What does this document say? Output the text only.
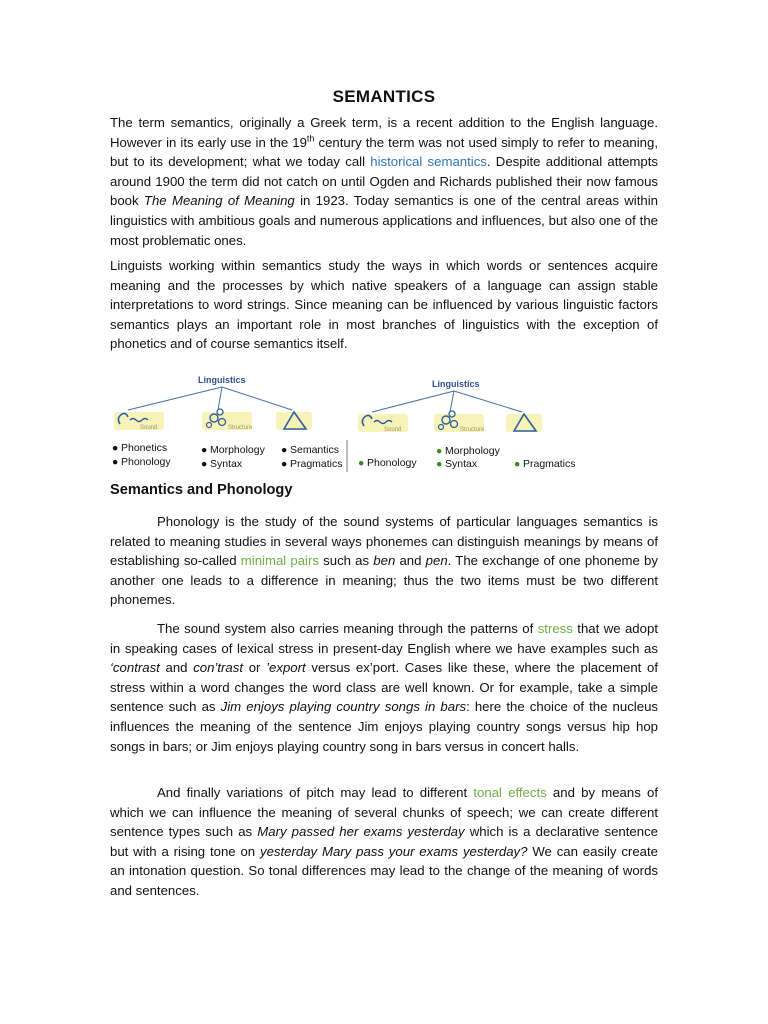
SEMANTICS

The term semantics, originally a Greek term, is a recent addition to the English language. However in its early use in the 19th century the term was not used simply to refer to meaning, but to its development; what we today call historical semantics. Despite additional attempts around 1900 the term did not catch on until Ogden and Richards published their now famous book The Meaning of Meaning in 1923. Today semantics is one of the central areas within linguistics with ambitious goals and numerous applications and influences, but also one of the most problematic ones.

Linguists working within semantics study the ways in which words or sentences acquire meaning and the processes by which native speakers of a language can assign stable interpretations to word strings. Since meaning can be influenced by various linguistic factors semantics plays an important role in most branches of linguistics with the exception of phonetics and of course semantics itself.

Linguistics
Sound	Structure
● Phonetics
● Phonology
● Morphology
● Syntax
● Semantics
● Pragmatics
Linguistics
Sound	Structure
● Phonology
● Morphology
● Syntax	● Pragmatics
Semantics and Phonology

Phonology is the study of the sound systems of particular languages semantics is related to meaning studies in several ways phonemes can distinguish meanings by means of establishing so-called minimal pairs such as ben and pen. The exchange of one phoneme by another one leads to a difference in meaning; thus the two items must be two different phonemes.

The sound system also carries meaning through the patterns of stress that we adopt in speaking cases of lexical stress in present-day English where we have examples such as ‘contrast and con’trast or ’export versus ex’port. Cases like these, where the placement of stress within a word changes the word class are well known. Or for example, take a simple sentence such as Jim enjoys playing country songs in bars: here the choice of the nucleus influences the meaning of the sentence Jim enjoys playing country songs versus hip hop songs in bars; or Jim enjoys playing country song in bars versus in concert halls.

And finally variations of pitch may lead to different tonal effects and by means of which we can influence the meaning of several chunks of speech; we can create different sentence types such as Mary passed her exams yesterday which is a declarative sentence but with a rising tone on yesterday Mary pass your exams yesterday? We can easily create an intonation question. So tonal differences may lead to the change of the meaning of words and sentences.
